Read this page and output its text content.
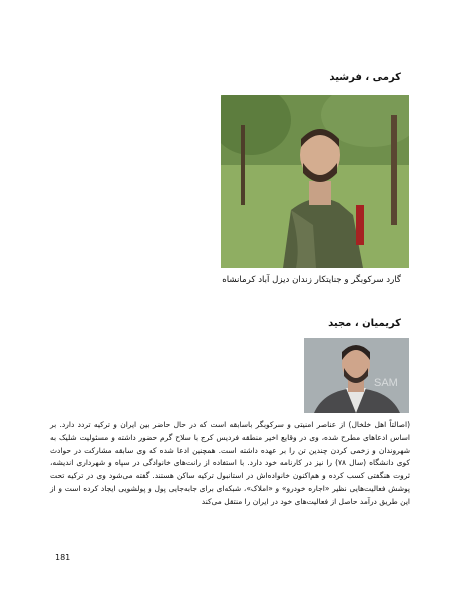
کرمی ، فرشید
گارد سرکوبگر و جنایتکار زندان دیزل آباد کرمانشاه
کریمیان ، مجید
SAM

(اصالتاً اهل خلخال) از عناصر امنیتی و سرکوبگر باسابقه است که در حال حاضر بین ایران و ترکیه تردد دارد. بر اساس ادعاهای مطرح شده، وی در وقایع اخیر منطقه فردیس کرج با سلاح گرم حضور داشته و مسئولیت شلیک به شهروندان و زخمی کردن چندین تن را بر عهده داشته است. همچنین ادعا شده که وی سابقه مشارکت در حوادث کوی دانشگاه (سال ۷۸) را نیز در کارنامه خود دارد. با استفاده از رانت‌های خانوادگی در سپاه و شهرداری اندیشه، ثروت هنگفتی کسب کرده و هم‌اکنون خانواده‌اش در استانبول ترکیه ساکن هستند. گفته می‌شود وی در ترکیه تحت پوشش فعالیت‌هایی نظیر «اجاره خودرو» و «املاک»، شبکه‌ای برای جابه‌جایی پول و پولشویی ایجاد کرده است و از این طریق درآمد حاصل از فعالیت‌های خود در ایران را منتقل می‌کند

181
